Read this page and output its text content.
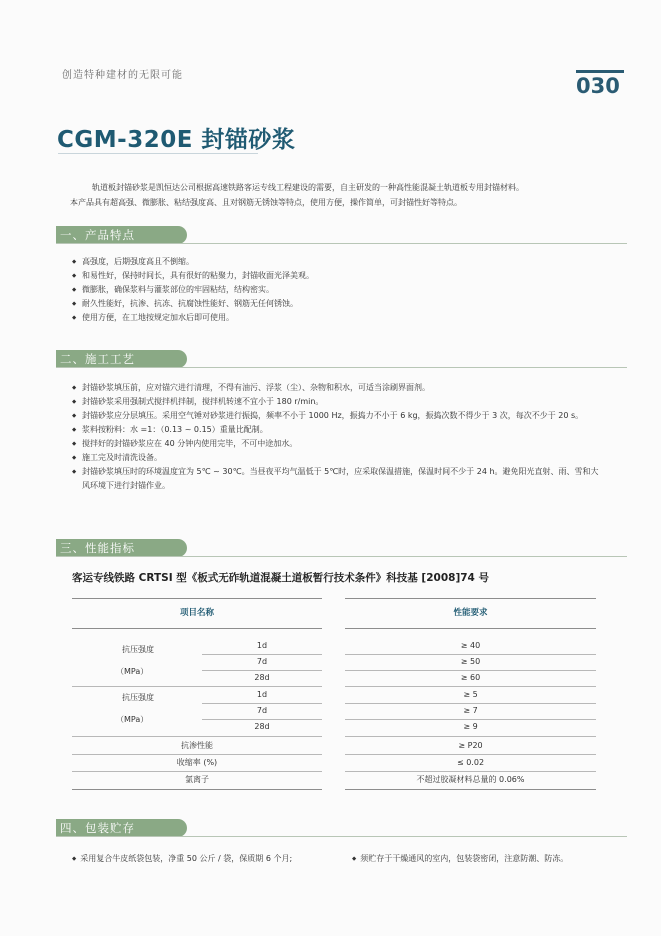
创造特种建材的无限可能	030
CGM-320E 封锚砂浆

轨道板封锚砂浆是凯恒达公司根据高速铁路客运专线工程建设的需要，自主研发的一种高性能混凝土轨道板专用封锚材料。

本产品具有超高强、微膨胀、粘结强度高、且对钢筋无锈蚀等特点，使用方便，操作简单，可封锚性好等特点。

一、产品特点
◆ 高强度，后期强度高且不倒缩。
◆ 和易性好，保持时间长，具有很好的粘聚力，封锚收面光泽美观。
◆ 微膨胀，确保浆料与灌浆部位的牢固粘结，结构密实。
◆ 耐久性能好，抗渗、抗冻、抗腐蚀性能好、钢筋无任何锈蚀。
◆ 使用方便，在工地按规定加水后即可使用。
二、施工工艺
◆ 封锚砂浆填压前，应对锚穴进行清理，不得有油污、浮浆（尘）、杂物和积水，可适当涂刷界面剂。
◆ 封锚砂浆采用强制式搅拌机拌制，搅拌机转速不宜小于 180 r/min。
◆ 封锚砂浆应分层填压。采用空气锤对砂浆进行振捣，频率不小于 1000 Hz，振捣力不小于 6 kg，振捣次数不得少于 3 次，每次不少于 20 s。
◆ 浆料按粉料：水 =1：（0.13 ~ 0.15）重量比配制。
◆ 搅拌好的封锚砂浆应在 40 分钟内使用完毕，不可中途加水。
◆ 施工完及时清洗设备。
◆ 封锚砂浆填压时的环境温度宜为 5℃ ~ 30℃。当昼夜平均气温低于 5℃时，应采取保温措施，保温时间不少于 24 h。避免阳光直射、雨、雪和大风环境下进行封锚作业。
三、性能指标
客运专线铁路 CRTSI 型《板式无砟轨道混凝土道板暂行技术条件》科技基 [2008]74 号
项目名称	性能要求
抗压强度
（MPa）
1d	≥ 40
7d	≥ 50
28d	≥ 60
抗压强度
（MPa）
1d	≥ 5
7d	≥ 7
28d	≥ 9
抗渗性能	≥ P20
收缩率 (%)	≤ 0.02
氯离子	不超过胶凝材料总量的 0.06%
四、包装贮存
◆ 采用复合牛皮纸袋包装，净重 50 公斤 / 袋，保质期 6 个月;
◆	须贮存于干燥通风的室内，包装袋密闭，注意防潮、防冻。
